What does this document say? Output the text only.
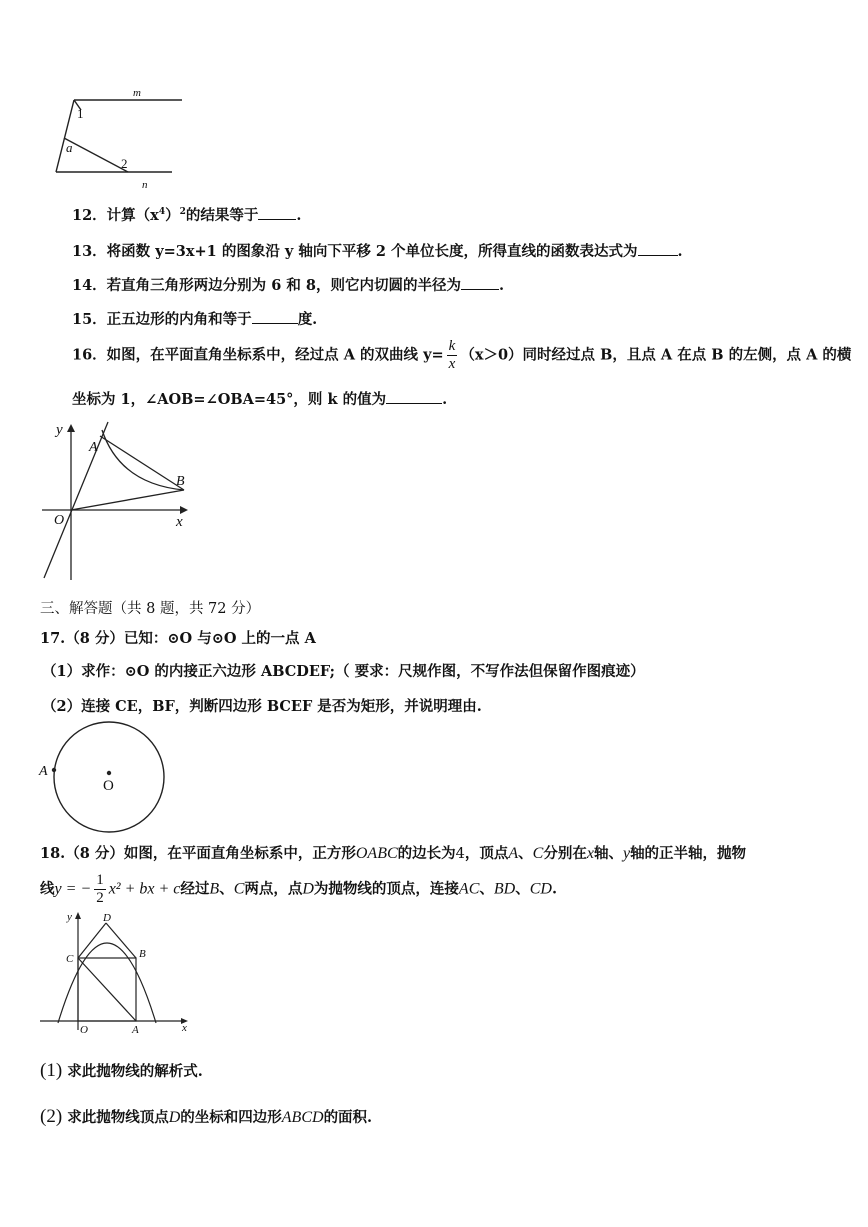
m
n
1
2
a
12．计算$(x^4)^2$的结果等于	.
13．将函数 y=3x+1 的图象沿 y 轴向下平移 2 个单位长度，所得直线的函数表达式为	.
14．若直角三角形两边分别为 6 和 8，则它内切圆的半径为	.
15．正五边形的内角和等于	度.
16．如图，在平面直角坐标系中，经过点 A 的双曲线 $y= \frac{k}{x} (x>0)$同时经过点 B，且点 A 在点 B 的左侧，点 A 的横
坐标为 1，∠AOB=∠OBA=45°，则 k 的值为	.
y
x
O
A
B
三、解答题（共 8 题，共 72 分）
17.（8 分）已知：⊙O 与⊙O 上的一点 A
（1）求作：⊙O 的内接正六边形 ABCDEF;（ 要求：尺规作图，不写作法但保留作图痕迹）
（2）连接 CE，BF，判断四边形 BCEF 是否为矩形，并说明理由.
A
O
18.（8 分）如图，在平面直角坐标系中，正方形OABC的边长为4，顶点A、C分别在x轴、y轴的正半轴，抛物
线y = − $\frac{1}{2} x^2$ + bx + c经过B、C两点，点D为抛物线的顶点，连接AC、BD、CD.
y
x
O	A
B
C
D
(1) 求此抛物线的解析式.
(2) 求此抛物线顶点D的坐标和四边形ABCD的面积.
